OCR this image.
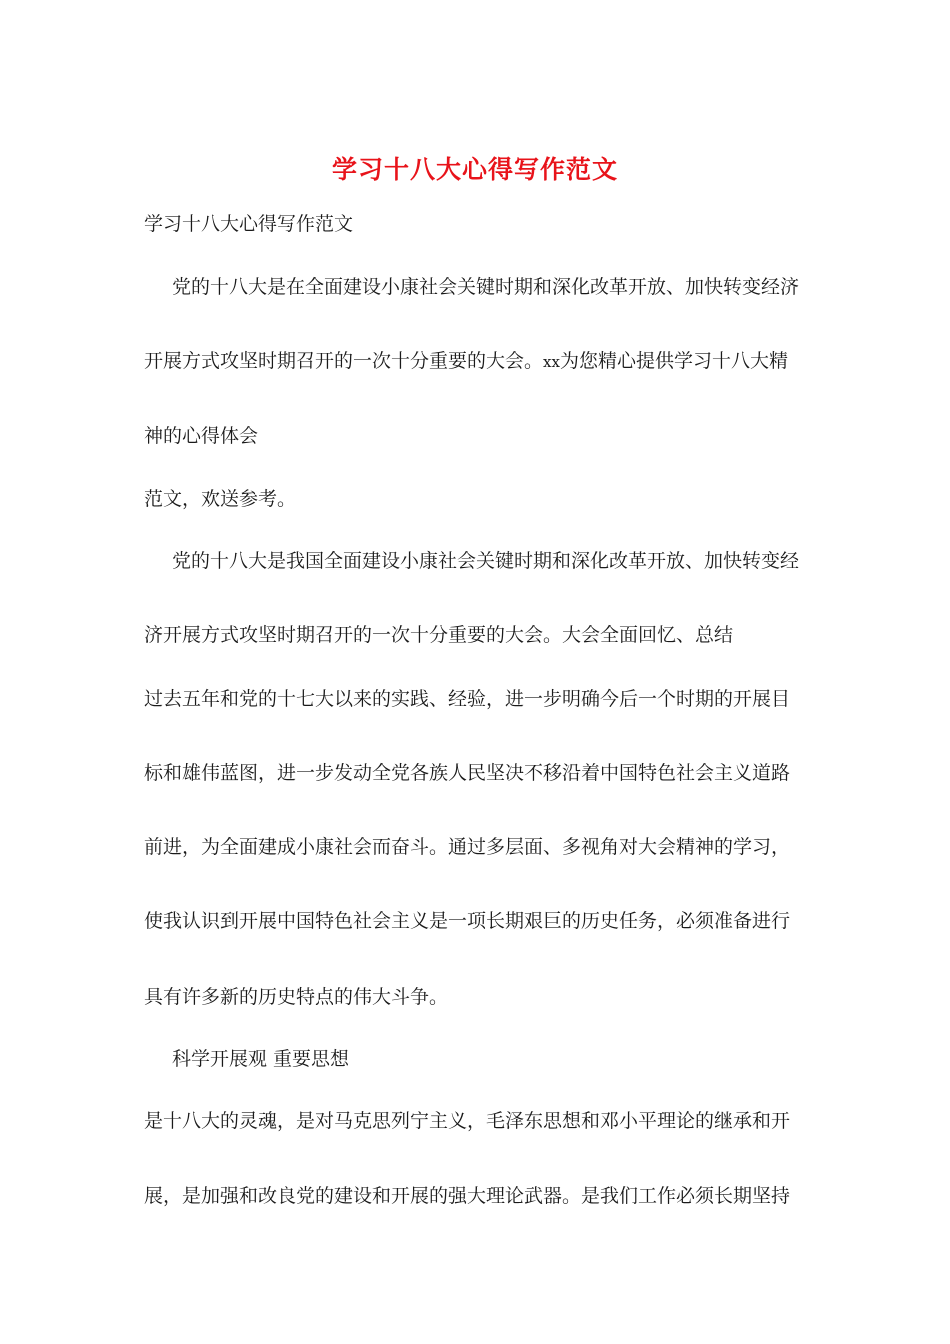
学习十八大心得写作范文
学习十八大心得写作范文
党的十八大是在全面建设小康社会关键时期和深化改革开放、加快转变经济
开展方式攻坚时期召开的一次十分重要的大会。xx为您精心提供学习十八大精
神的心得体会
范文，欢送参考。
党的十八大是我国全面建设小康社会关键时期和深化改革开放、加快转变经
济开展方式攻坚时期召开的一次十分重要的大会。大会全面回忆、总结
过去五年和党的十七大以来的实践、经验，进一步明确今后一个时期的开展目
标和雄伟蓝图，进一步发动全党各族人民坚决不移沿着中国特色社会主义道路
前进，为全面建成小康社会而奋斗。通过多层面、多视角对大会精神的学习，
使我认识到开展中国特色社会主义是一项长期艰巨的历史任务，必须准备进行
具有许多新的历史特点的伟大斗争。
科学开展观 重要思想
是十八大的灵魂，是对马克思列宁主义，毛泽东思想和邓小平理论的继承和开
展，是加强和改良党的建设和开展的强大理论武器。是我们工作必须长期坚持
